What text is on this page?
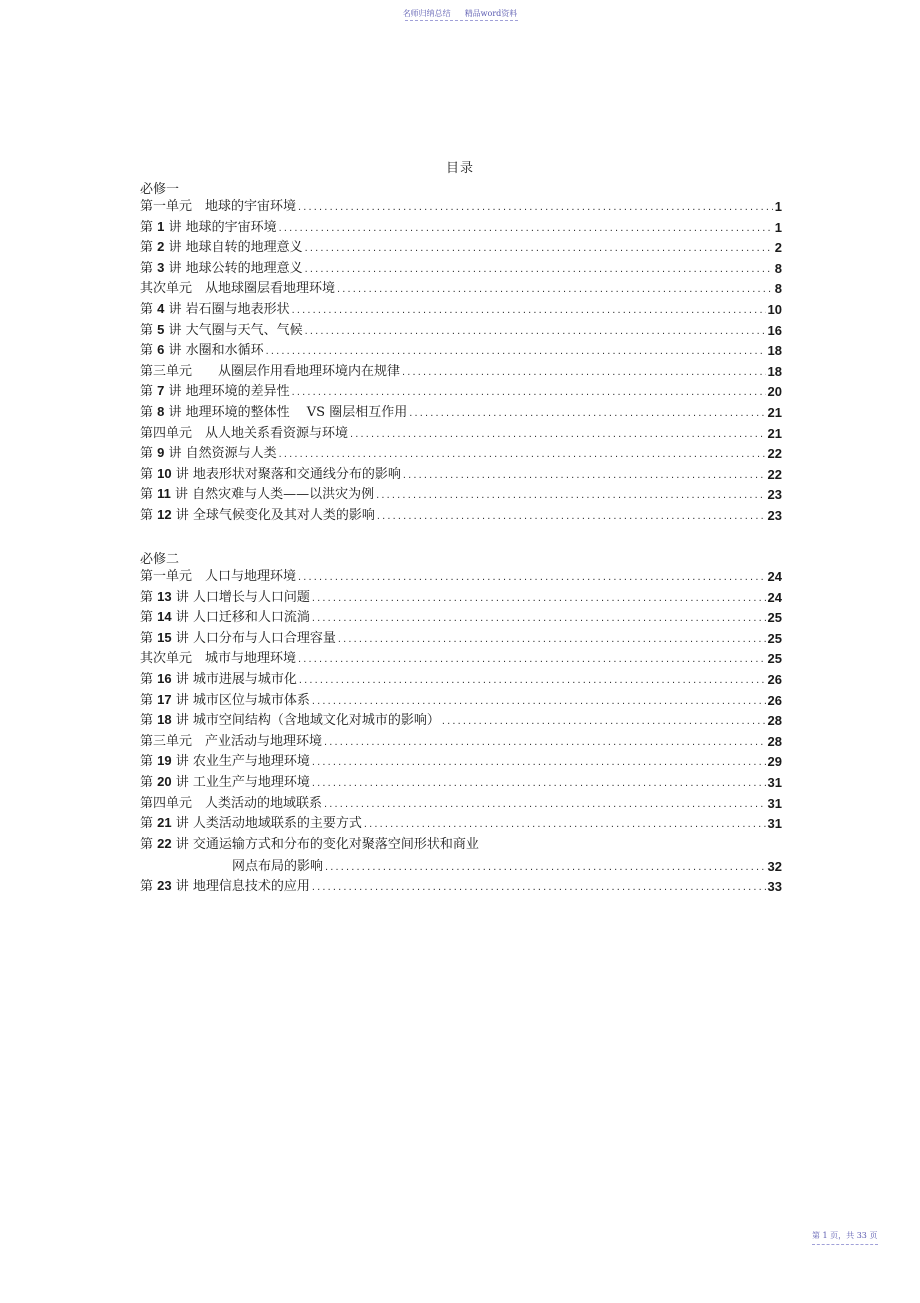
名师归纳总结 精品word资料
目录
必修一
第一单元　地球的宇宙环境 .....	1
第 1 讲 地球的宇宙环境 .....	1
第 2 讲 地球自转的地理意义 .....	2
第 3 讲 地球公转的地理意义 .....	8
其次单元　从地球圈层看地理环境 .....	8
第 4 讲 岩石圈与地表形状 .....	10
第 5 讲 大气圈与天气、气候 .....	16
第 6 讲 水圈和水循环 .....	18
第三单元　　从圈层作用看地理环境内在规律 .....	18
第 7 讲 地理环境的差异性 .....	20
第 8 讲 地理环境的整体性　 VS 圈层相互作用 .....	21
第四单元　从人地关系看资源与环境 .....	21
第 9 讲 自然资源与人类 .....	22
第 10 讲 地表形状对聚落和交通线分布的影响 .....	22
第 11 讲 自然灾难与人类——以洪灾为例 .....	23
第 12 讲 全球气候变化及其对人类的影响 .....	23
必修二
第一单元　人口与地理环境 .....	24
第 13 讲 人口增长与人口问题 .....	24
第 14 讲 人口迁移和人口流淌 .....	25
第 15 讲 人口分布与人口合理容量 .....	25
其次单元　城市与地理环境 .....	25
第 16 讲 城市进展与城市化 .....	26
第 17 讲 城市区位与城市体系 .....	26
第 18 讲 城市空间结构（含地域文化对城市的影响） .....	28
第三单元　产业活动与地理环境 .....	28
第 19 讲 农业生产与地理环境 .....	29
第 20 讲 工业生产与地理环境 .....	31
第四单元　人类活动的地域联系 .....	31
第 21 讲 人类活动地域联系的主要方式 .....	31
第 22 讲 交通运输方式和分布的变化对聚落空间形状和商业
网点布局的影响 .....	32
第 23 讲 地理信息技术的应用 .....	33
第 1 页，共 33 页
